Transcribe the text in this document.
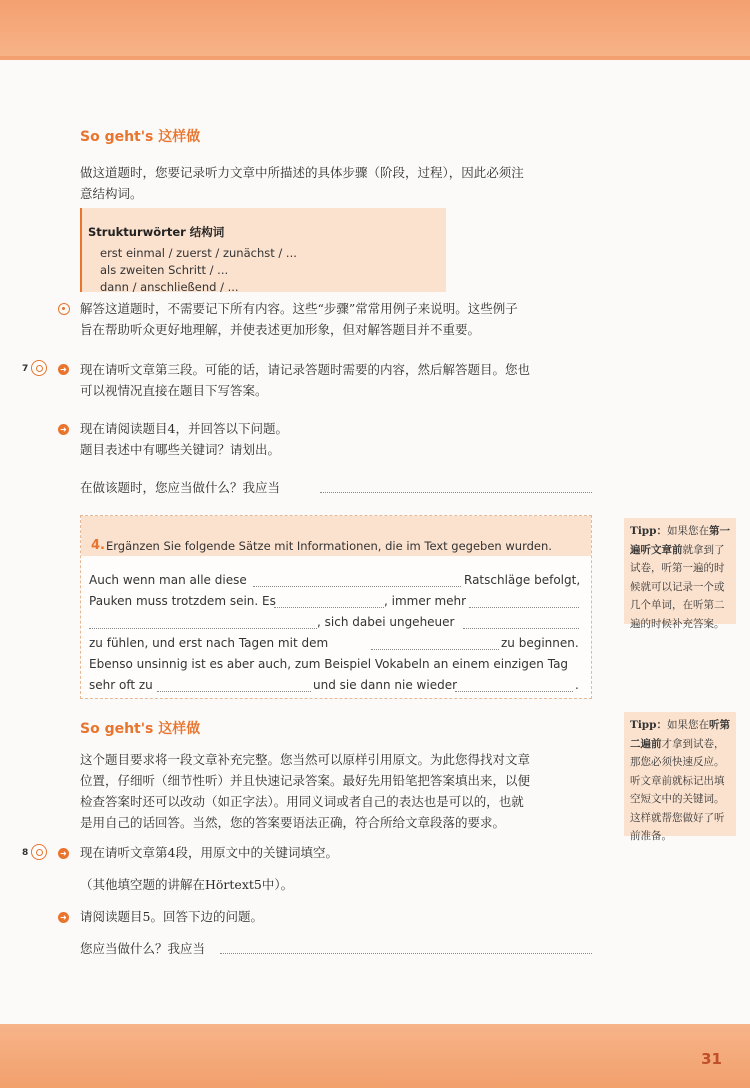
So geht's 这样做
做这道题时，您要记录听力文章中所描述的具体步骤（阶段，过程），因此必须注
意结构词。
Strukturwörter 结构词
erst einmal / zuerst / zunächst / ...
als zweiten Schritt / ...
dann / anschließend / ...
解答这道题时，不需要记下所有内容。这些“步骤”常常用例子来说明。这些例子
旨在帮助听众更好地理解，并使表述更加形象，但对解答题目并不重要。
7	➜ 现在请听文章第三段。可能的话，请记录答题时需要的内容，然后解答题目。您也
可以视情况直接在题目下写答案。
➜ 现在请阅读题目4，并回答以下问题。
题目表述中有哪些关键词？请划出。
在做该题时，您应当做什么？我应当
4. Ergänzen Sie folgende Sätze mit Informationen, die im Text gegeben wurden.
Auch wenn man alle diese	Ratschläge befolgt,
Pauken muss trotzdem sein. Es	, immer mehr
, sich dabei ungeheuer
zu fühlen, und erst nach Tagen mit dem	zu beginnen.
Ebenso unsinnig ist es aber auch, zum Beispiel Vokabeln an einem einzigen Tag
sehr oft zu	und sie dann nie wieder	.
Tipp：如果您在第一遍听文章前就拿到了试卷，听第一遍的时候就可以记录一个或几个单词，在听第二遍的时候补充答案。
So geht's 这样做
这个题目要求将一段文章补充完整。您当然可以原样引用原文。为此您得找对文章
位置，仔细听（细节性听）并且快速记录答案。最好先用铅笔把答案填出来，以便
检查答案时还可以改动（如正字法）。用同义词或者自己的表达也是可以的，也就
是用自己的话回答。当然，您的答案要语法正确，符合所给文章段落的要求。
Tipp：如果您在听第二遍前才拿到试卷，那您必须快速反应。听文章前就标记出填空短文中的关键词。这样就帮您做好了听前准备。
8	➜ 现在请听文章第4段，用原文中的关键词填空。
（其他填空题的讲解在Hörtext5中）。
➜ 请阅读题目5。回答下边的问题。
您应当做什么？我应当
31
